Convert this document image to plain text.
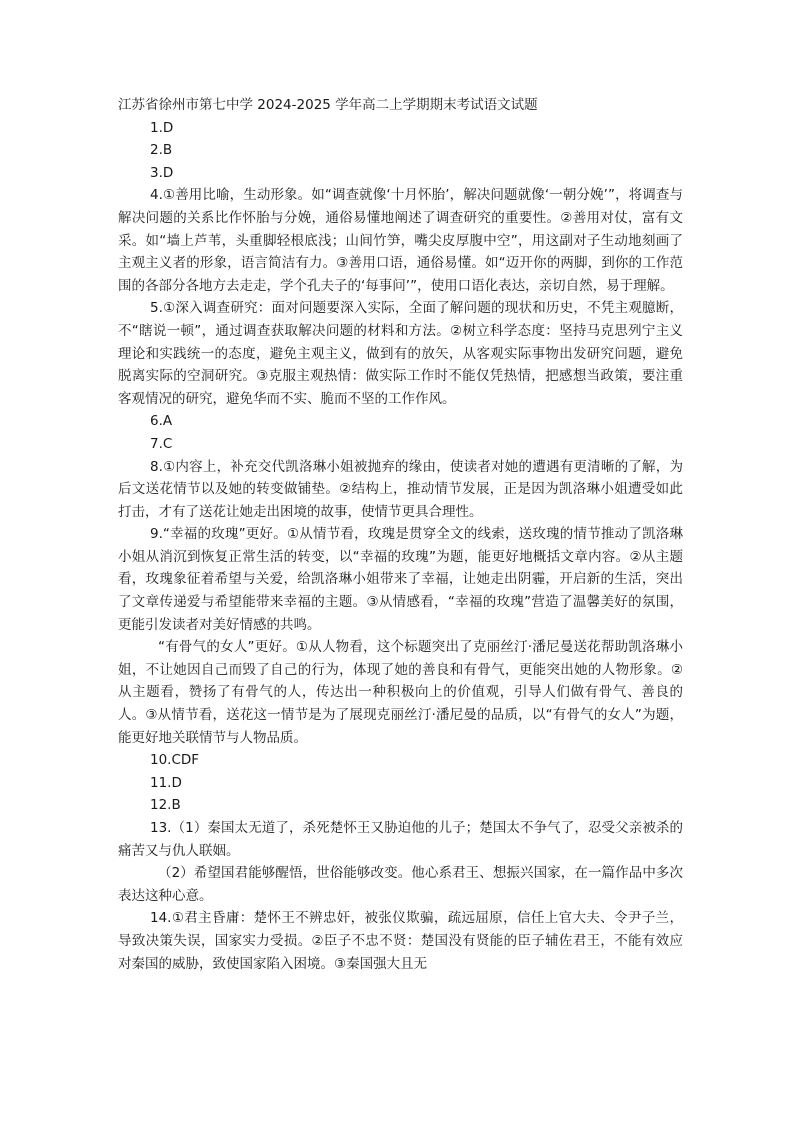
江苏省徐州市第七中学 2024-2025 学年高二上学期期末考试语文试题

1.D

2.B

3.D

4.①善用比喻，生动形象。如“调查就像‘十月怀胎’，解决问题就像‘一朝分娩’”，将调查与解决问题的关系比作怀胎与分娩，通俗易懂地阐述了调查研究的重要性。②善用对仗，富有文采。如“墙上芦苇，头重脚轻根底浅；山间竹笋，嘴尖皮厚腹中空”，用这副对子生动地刻画了主观主义者的形象，语言简洁有力。③善用口语，通俗易懂。如“迈开你的两脚，到你的工作范围的各部分各地方去走走，学个孔夫子的‘每事问’”，使用口语化表达，亲切自然，易于理解。

5.①深入调查研究：面对问题要深入实际，全面了解问题的现状和历史，不凭主观臆断，不“瞎说一顿”，通过调查获取解决问题的材料和方法。②树立科学态度：坚持马克思列宁主义理论和实践统一的态度，避免主观主义，做到有的放矢，从客观实际事物出发研究问题，避免脱离实际的空洞研究。③克服主观热情：做实际工作时不能仅凭热情，把感想当政策，要注重客观情况的研究，避免华而不实、脆而不坚的工作作风。

6.A

7.C

8.①内容上，补充交代凯洛琳小姐被抛弃的缘由，使读者对她的遭遇有更清晰的了解，为后文送花情节以及她的转变做铺垫。②结构上，推动情节发展，正是因为凯洛琳小姐遭受如此打击，才有了送花让她走出困境的故事，使情节更具合理性。

9.“幸福的玫瑰”更好。①从情节看，玫瑰是贯穿全文的线索，送玫瑰的情节推动了凯洛琳小姐从消沉到恢复正常生活的转变，以“幸福的玫瑰”为题，能更好地概括文章内容。②从主题看，玫瑰象征着希望与关爱，给凯洛琳小姐带来了幸福，让她走出阴霾，开启新的生活，突出了文章传递爱与希望能带来幸福的主题。③从情感看，“幸福的玫瑰”营造了温馨美好的氛围，更能引发读者对美好情感的共鸣。

“有骨气的女人”更好。①从人物看，这个标题突出了克丽丝汀·潘尼曼送花帮助凯洛琳小姐，不让她因自己而毁了自己的行为，体现了她的善良和有骨气，更能突出她的人物形象。②从主题看，赞扬了有骨气的人，传达出一种积极向上的价值观，引导人们做有骨气、善良的人。③从情节看，送花这一情节是为了展现克丽丝汀·潘尼曼的品质，以“有骨气的女人”为题，能更好地关联情节与人物品质。

10.CDF

11.D

12.B

13.（1）秦国太无道了，杀死楚怀王又胁迫他的儿子；楚国太不争气了，忍受父亲被杀的痛苦又与仇人联姻。

（2）希望国君能够醒悟，世俗能够改变。他心系君王、想振兴国家，在一篇作品中多次表达这种心意。

14.①君主昏庸：楚怀王不辨忠奸，被张仪欺骗，疏远屈原，信任上官大夫、令尹子兰，导致决策失误，国家实力受损。②臣子不忠不贤：楚国没有贤能的臣子辅佐君王，不能有效应对秦国的威胁，致使国家陷入困境。③秦国强大且无
